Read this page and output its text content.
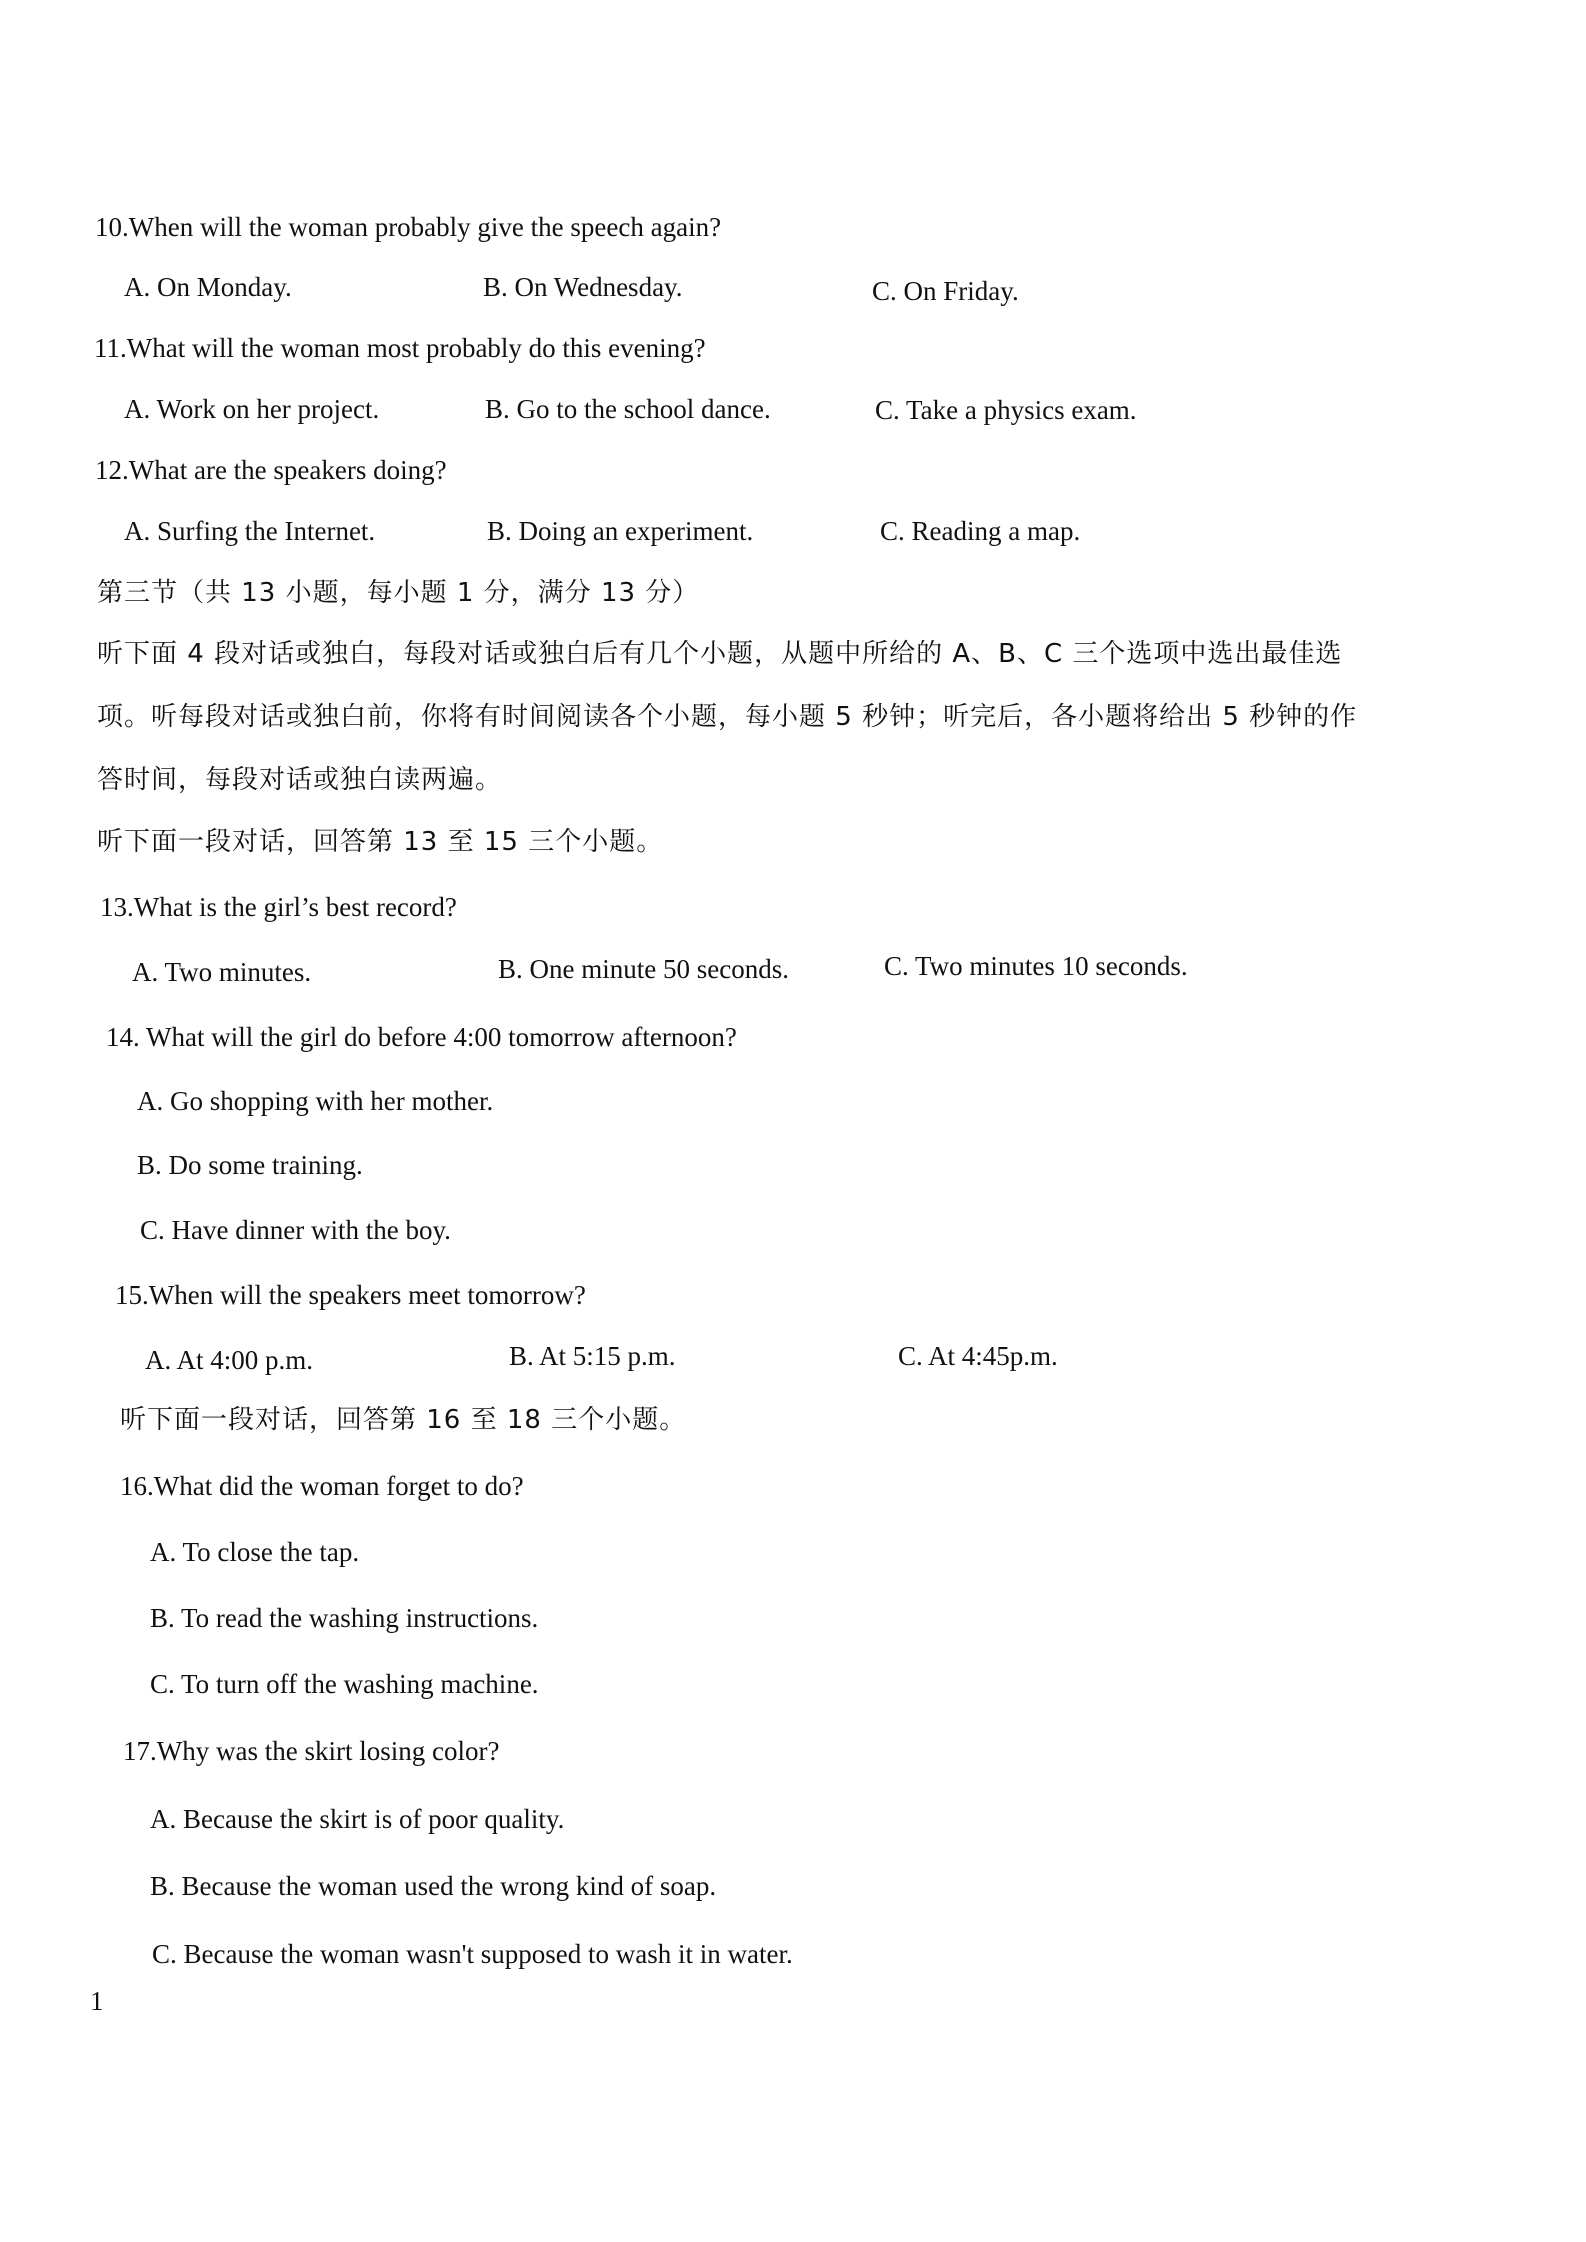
10.When will the woman probably give the speech again?
A. On Monday.	B. On Wednesday.	C. On Friday.
11.What will the woman most probably do this evening?
A. Work on her project.	B. Go to the school dance.	C. Take a physics exam.
12.What are the speakers doing?
A. Surfing the Internet.	B. Doing an experiment.	C. Reading a map.
第三节（共 13 小题，每小题 1 分，满分 13 分）
听下面 4 段对话或独白，每段对话或独白后有几个小题，从题中所给的 A、B、C 三个选项中选出最佳选
项。听每段对话或独白前，你将有时间阅读各个小题，每小题 5 秒钟；听完后，各小题将给出 5 秒钟的作
答时间，每段对话或独白读两遍。
听下面一段对话，回答第 13 至 15 三个小题。
13.What is the girl’s best record?
A. Two minutes.	B. One minute 50 seconds.	C. Two minutes 10 seconds.
14. What will the girl do before 4:00 tomorrow afternoon?
A. Go shopping with her mother.
B. Do some training.
C. Have dinner with the boy.
15.When will the speakers meet tomorrow?
A. At 4:00 p.m.	B. At 5:15 p.m.	C. At 4:45p.m.
听下面一段对话，回答第 16 至 18 三个小题。
16.What did the woman forget to do?
A. To close the tap.
B. To read the washing instructions.
C. To turn off the washing machine.
17.Why was the skirt losing color?
A. Because the skirt is of poor quality.
B. Because the woman used the wrong kind of soap.
C. Because the woman wasn't supposed to wash it in water.
1
